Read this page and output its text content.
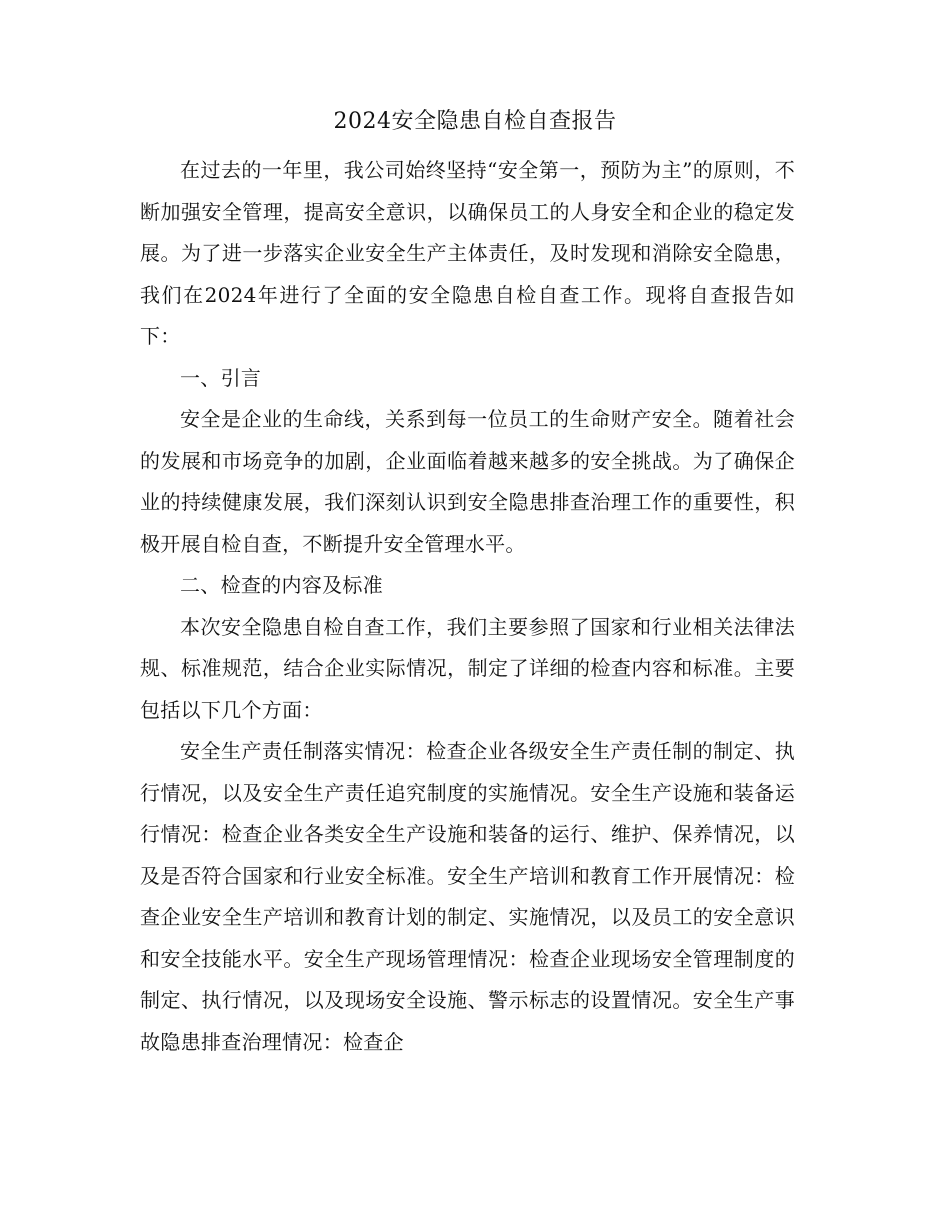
2024安全隐患自检自查报告

在过去的一年里，我公司始终坚持“安全第一，预防为主”的原则，不断加强安全管理，提高安全意识，以确保员工的人身安全和企业的稳定发展。为了进一步落实企业安全生产主体责任，及时发现和消除安全隐患，我们在2024年进行了全面的安全隐患自检自查工作。现将自查报告如下：

一、引言

安全是企业的生命线，关系到每一位员工的生命财产安全。随着社会的发展和市场竞争的加剧，企业面临着越来越多的安全挑战。为了确保企业的持续健康发展，我们深刻认识到安全隐患排查治理工作的重要性，积极开展自检自查，不断提升安全管理水平。

二、检查的内容及标准

本次安全隐患自检自查工作，我们主要参照了国家和行业相关法律法规、标准规范，结合企业实际情况，制定了详细的检查内容和标准。主要包括以下几个方面：

安全生产责任制落实情况：检查企业各级安全生产责任制的制定、执行情况，以及安全生产责任追究制度的实施情况。安全生产设施和装备运行情况：检查企业各类安全生产设施和装备的运行、维护、保养情况，以及是否符合国家和行业安全标准。安全生产培训和教育工作开展情况：检查企业安全生产培训和教育计划的制定、实施情况，以及员工的安全意识和安全技能水平。安全生产现场管理情况：检查企业现场安全管理制度的制定、执行情况，以及现场安全设施、警示标志的设置情况。安全生产事故隐患排查治理情况：检查企
